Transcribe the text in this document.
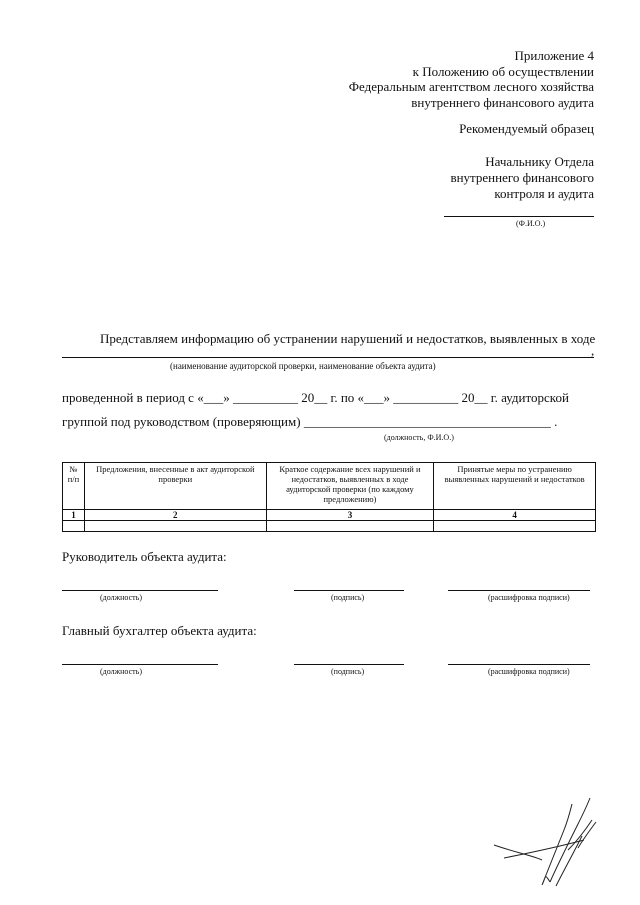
Приложение 4
к Положению об осуществлении
Федеральным агентством лесного хозяйства
внутреннего финансового аудита
Рекомендуемый образец
Начальнику Отдела
внутреннего финансового
контроля и аудита
(Ф.И.О.)
Представляем информацию об устранении нарушений и недостатков, выявленных в ходе
,
(наименование аудиторской проверки, наименование объекта аудита)
проведенной в период с «___» __________ 20__ г. по «___» __________ 20__ г. аудиторской
группой под руководством (проверяющим) ______________________________________ .
(должность, Ф.И.О.)
№ п/п	Предложения, внесенные в акт аудиторской проверки	Краткое содержание всех нарушений и недостатков, выявленных в ходе аудиторской проверки (по каждому предложению)	Принятые меры по устранению выявленных нарушений и недостатков
1	2	3	4

Руководитель объекта аудита:
(должность)	(подпись)	(расшифровка подписи)
Главный бухгалтер объекта аудита:
(должность)	(подпись)	(расшифровка подписи)
